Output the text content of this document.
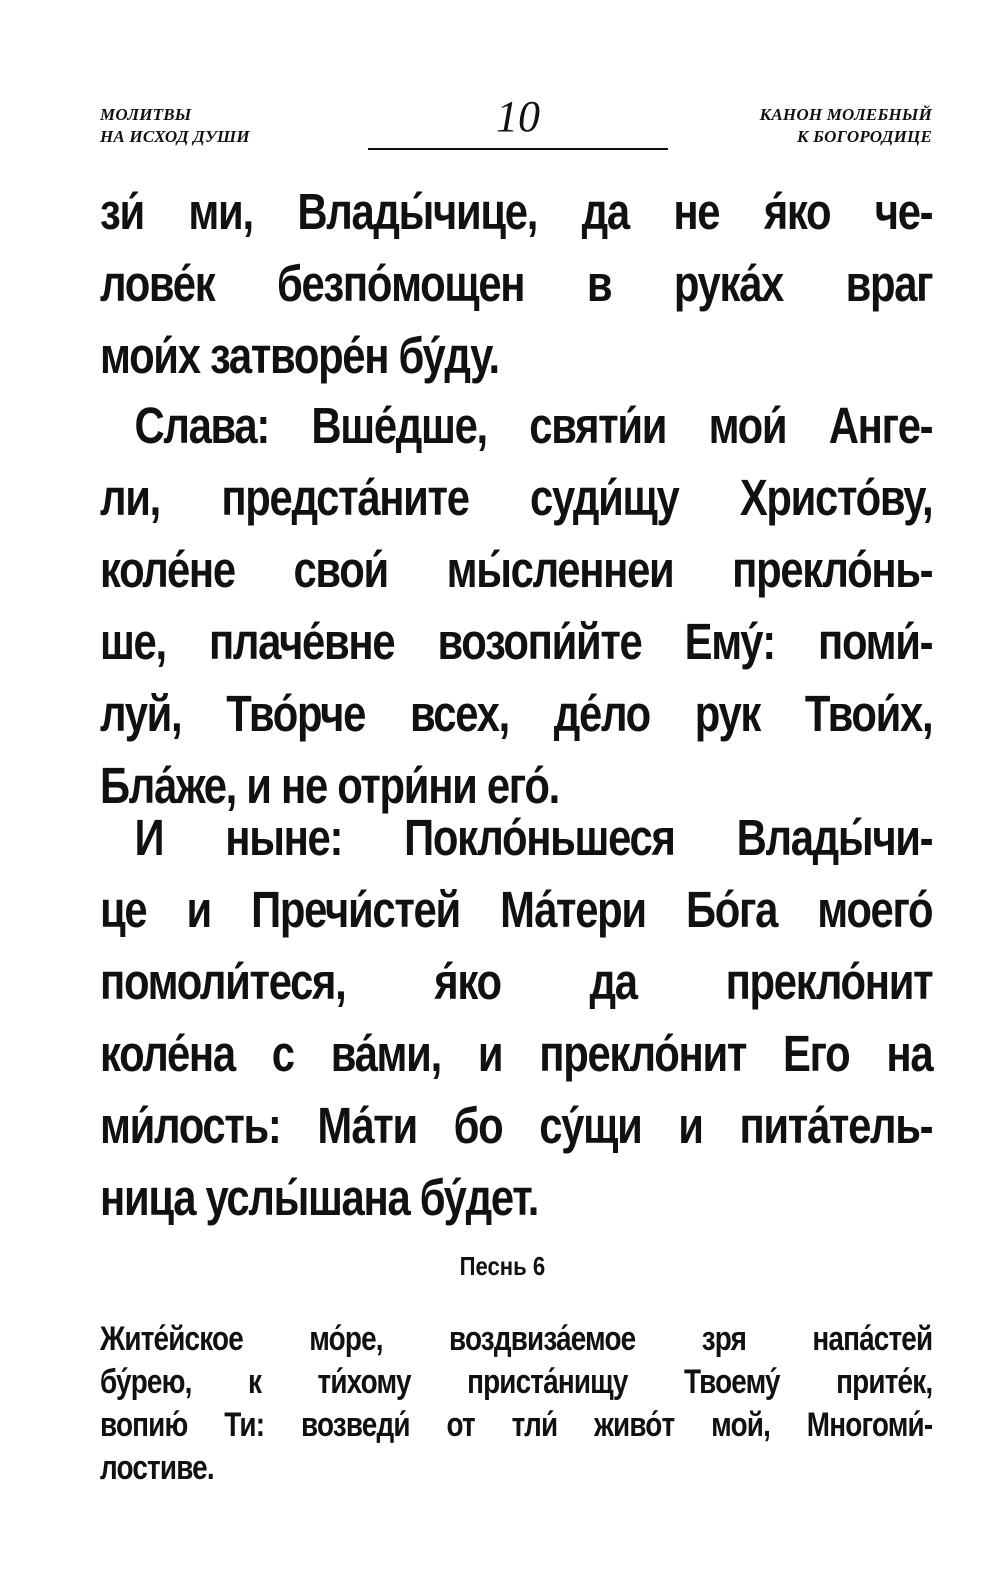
МОЛИТВЫ
НА ИСХОД ДУШИ	10	КАНОН МОЛЕБНЫЙ
К БОГОРОДИЦЕ
зи́ ми, Влады́чице, да не я́ко че-
лове́к безпо́мощен в рука́х враг
мои́х затворе́н бу́ду.
Слава: Вше́дше, святи́и мои́ Анге-
ли, предста́ните суди́щу Христо́ву,
коле́не свои́ мы́сленнеи прекло́нь-
ше, плаче́вне возопи́йте Ему́: поми́-
луй, Тво́рче всех, де́ло рук Твои́х,
Бла́же, и не отри́ни его́.
И ныне: Покло́ньшеся Влады́чи-
це и Пречи́стей Ма́тери Бо́га моего́
помоли́теся, я́ко да прекло́нит
коле́на с ва́ми, и прекло́нит Его на
ми́лость: Ма́ти бо су́щи и пита́тель-
ница услы́шана бу́дет.
Песнь 6
Жите́йское мо́ре, воздвиза́емое зря напа́стей
бу́рею, к ти́хому приста́нищу Твоему́ прите́к,
вопию́ Ти: возведи́ от тли́ живо́т мой, Многоми́-
лостиве.
